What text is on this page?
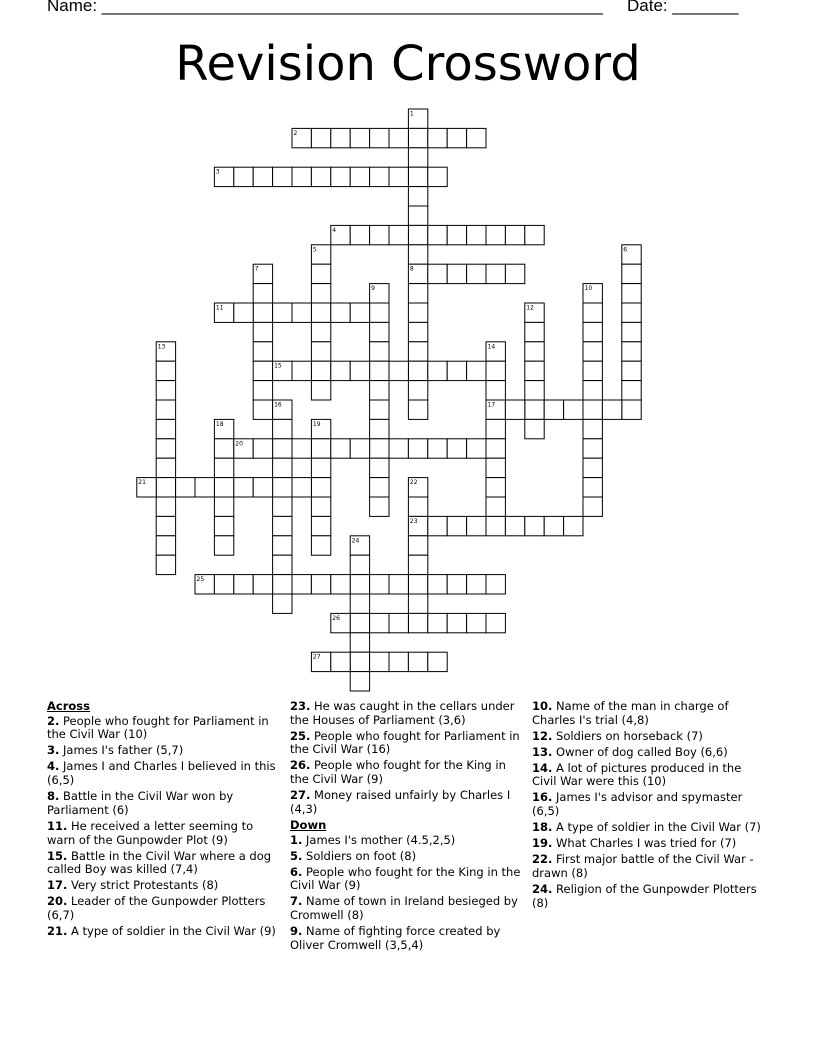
Name: _____________________________________________________ Date: _______
Revision Crossword
1
2
3
4
5	6
7	8
9	10
11	12
13	14
15
16	17
18	19
20
21	22
23
24
25
26
27
Across
2. People who fought for Parliament in the Civil War (10)
3. James I's father (5,7)
4. James I and Charles I believed in this (6,5)
8. Battle in the Civil War won by Parliament (6)
11. He received a letter seeming to warn of the Gunpowder Plot (9)
15. Battle in the Civil War where a dog called Boy was killed (7,4)
17. Very strict Protestants (8)
20. Leader of the Gunpowder Plotters (6,7)
21. A type of soldier in the Civil War (9)
23. He was caught in the cellars under the Houses of Parliament (3,6)
25. People who fought for Parliament in the Civil War (16)
26. People who fought for the King in the Civil War (9)
27. Money raised unfairly by Charles I (4,3)
Down
1. James I's mother (4.5,2,5)
5. Soldiers on foot (8)
6. People who fought for the King in the Civil War (9)
7. Name of town in Ireland besieged by Cromwell (8)
9. Name of fighting force created by Oliver Cromwell (3,5,4)
10. Name of the man in charge of Charles I's trial (4,8)
12. Soldiers on horseback (7)
13. Owner of dog called Boy (6,6)
14. A lot of pictures produced in the Civil War were this (10)
16. James I's advisor and spymaster (6,5)
18. A type of soldier in the Civil War (7)
19. What Charles I was tried for (7)
22. First major battle of the Civil War - drawn (8)
24. Religion of the Gunpowder Plotters (8)
